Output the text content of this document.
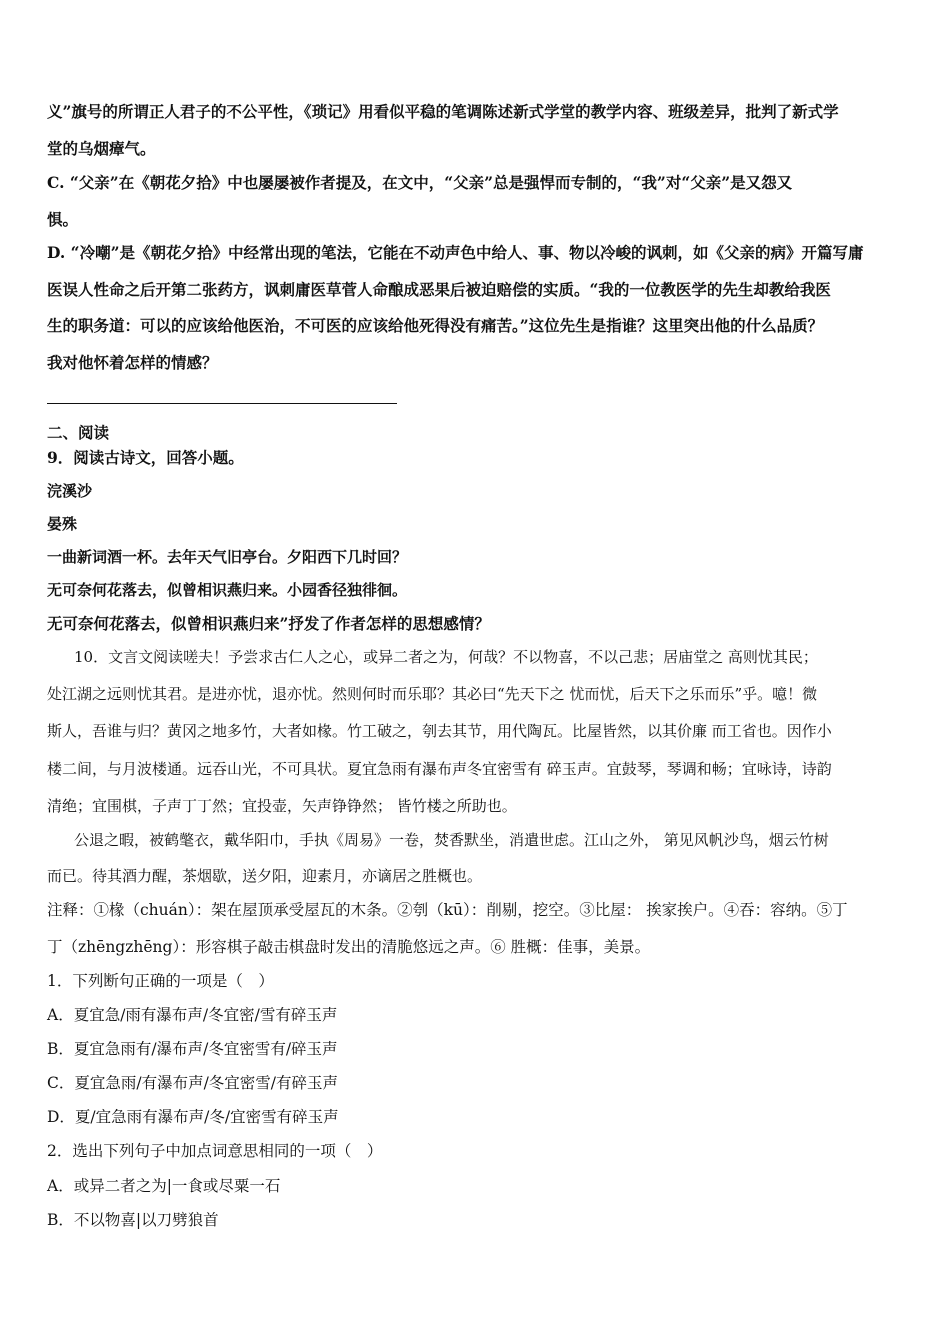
义”旗号的所谓正人君子的不公平性，《琐记》用看似平稳的笔调陈述新式学堂的教学内容、班级差异，批判了新式学
堂的乌烟瘴气。
C. “父亲”在《朝花夕拾》中也屡屡被作者提及，在文中，“父亲”总是强悍而专制的，“我”对“父亲”是又怨又
惧。
D. “冷嘲”是《朝花夕拾》中经常出现的笔法，它能在不动声色中给人、事、物以冷峻的讽刺，如《父亲的病》开篇写庸
医误人性命之后开第二张药方，讽刺庸医草菅人命酿成恶果后被迫赔偿的实质。“我的一位教医学的先生却教给我医
生的职务道：可以的应该给他医治，不可医的应该给他死得没有痛苦。”这位先生是指谁？这里突出他的什么品质？
我对他怀着怎样的情感？
二、阅读
9．阅读古诗文，回答小题。
浣溪沙
晏殊
一曲新词酒一杯。去年天气旧亭台。夕阳西下几时回？
无可奈何花落去，似曾相识燕归来。小园香径独徘徊。
无可奈何花落去，似曾相识燕归来”抒发了作者怎样的思想感情？
10．文言文阅读嗟夫！予尝求古仁人之心，或异二者之为，何哉？不以物喜，不以己悲；居庙堂之 高则忧其民；
处江湖之远则忧其君。是进亦忧，退亦忧。然则何时而乐耶？其必曰“先天下之 忧而忧，后天下之乐而乐”乎。噫！微
斯人，吾谁与归？黄冈之地多竹，大者如椽。竹工破之，刳去其节，用代陶瓦。比屋皆然，以其价廉 而工省也。因作小
楼二间，与月波楼通。远吞山光，不可具状。夏宜急雨有瀑布声冬宜密雪有 碎玉声。宜鼓琴，琴调和畅；宜咏诗，诗韵
清绝；宜围棋，子声丁丁然；宜投壶，矢声铮铮然； 皆竹楼之所助也。
公退之暇，被鹤氅衣，戴华阳巾，手执《周易》一卷，焚香默坐，消遣世虑。江山之外， 第见风帆沙鸟，烟云竹树
而已。待其酒力醒，茶烟歇，送夕阳，迎素月，亦谪居之胜概也。
注释：①椽（chuán）：架在屋顶承受屋瓦的木条。②刳（kū）：削剔，挖空。③比屋： 挨家挨户。④吞：容纳。⑤丁
丁（zhēngzhēng）：形容棋子敲击棋盘时发出的清脆悠远之声。⑥ 胜概：佳事，美景。
1．下列断句正确的一项是（　）
A．夏宜急/雨有瀑布声/冬宜密/雪有碎玉声
B．夏宜急雨有/瀑布声/冬宜密雪有/碎玉声
C．夏宜急雨/有瀑布声/冬宜密雪/有碎玉声
D．夏/宜急雨有瀑布声/冬/宜密雪有碎玉声
2．选出下列句子中加点词意思相同的一项（　）
A．或异二者之为|一食或尽粟一石
B．不以物喜|以刀劈狼首
